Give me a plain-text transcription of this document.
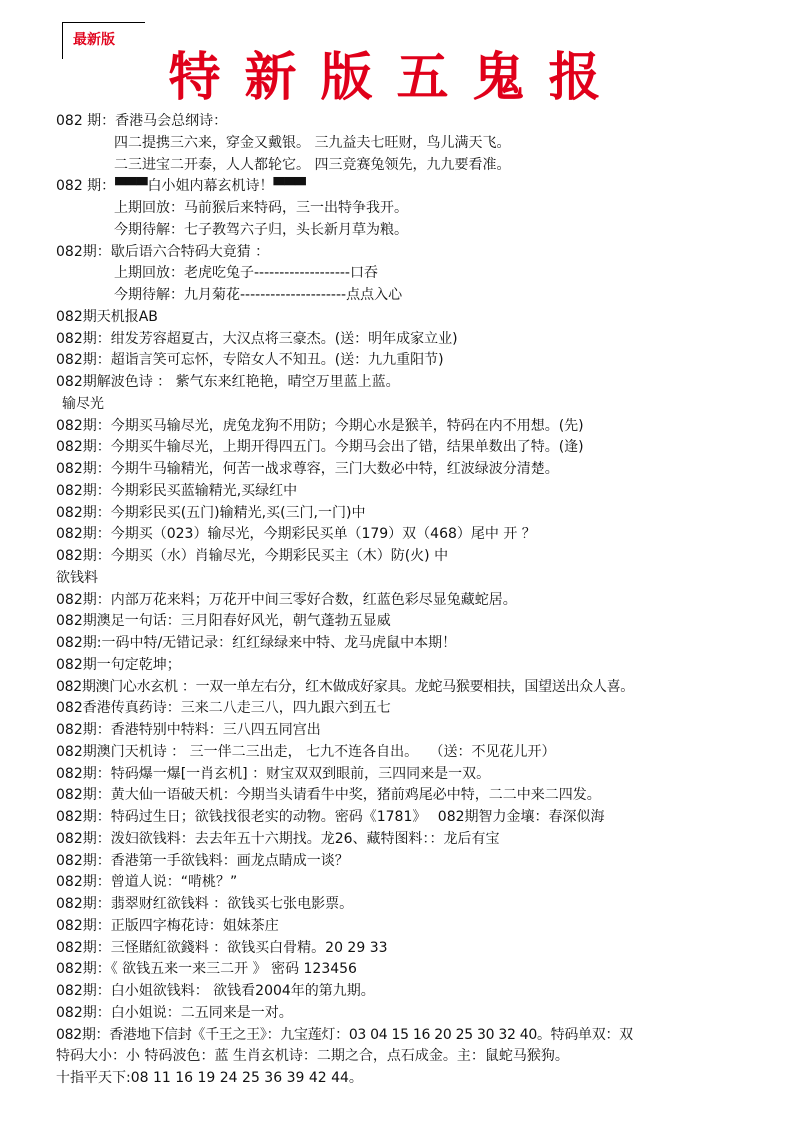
最新版
特新版五鬼报
082 期：香港马会总纲诗：
四二提携三六来，穿金又戴银。 三九益夫七旺财，鸟儿满天飞。
二三进宝二开泰，人人都轮它。 四三竞赛兔领先，九九要看准。
082 期：▀▀▀白小姐内幕玄机诗！▀▀▀
上期回放：马前猴后来特码，三一出特争我开。
今期待解：七子教驾六子归，头长新月草为粮。
082期：歇后语六合特码大竟猜 ：
上期回放：老虎吃兔子-------------------口吞
今期待解：九月菊花---------------------点点入心
082期天机报AB
082期：绀发芳容超夏古，大汉点将三豪杰。(送：明年成家立业)
082期：超诣言笑可忘怀，专陪女人不知丑。(送：九九重阳节)
082期解波色诗 ： 紫气东来红艳艳，晴空万里蓝上蓝。
输尽光
082期：今期买马输尽光，虎兔龙狗不用防；今期心水是猴羊，特码在内不用想。(先)
082期：今期买牛输尽光，上期开得四五门。今期马会出了错，结果单数出了特。(逢)
082期：今期牛马输精光，何苦一战求尊容，三门大数必中特，红波绿波分清楚。
082期：今期彩民买蓝输精光,买绿红中
082期：今期彩民买(五门)输精光,买(三门,一门)中
082期：今期买（023）输尽光，今期彩民买单（179）双（468）尾中 开 ？
082期：今期买（水）肖输尽光，今期彩民买主（木）防(火) 中
欲钱料
082期：内部万花来料；万花开中间三零好合数，红蓝色彩尽显兔藏蛇居。
082期澳足一句话：三月阳春好风光，朝气蓬勃五显威
082期:一码中特/无错记录：红红绿绿来中特、龙马虎鼠中本期！
082期一句定乾坤；
082期澳门心水玄机 ：一双一单左右分，红木做成好家具。龙蛇马猴要相扶，国望送出众人喜。
082香港传真药诗：三来二八走三八，四九跟六到五七
082期：香港特别中特料：三八四五同宫出
082期澳门天机诗 ： 三一伴二三出走， 七九不连各自出。　 （送：不见花儿开）
082期：特码爆一爆[一肖玄机] ：财宝双双到眼前，三四同来是一双。
082期：黄大仙一语破天机：今期当头请看牛中奖，猪前鸡尾必中特，二二中来二四发。
082期：特码过生日；欲钱找很老实的动物。密码《1781》　 082期智力金壤：春深似海
082期：泼妇欲钱料：去去年五十六期找。龙26、藏特图料：：龙后有宝
082期：香港第一手欲钱料：画龙点睛成一谈？
082期：曾道人说：“啃桃？”
082期：翡翠财红欲钱料 ：欲钱买七张电影票。
082期：正版四字梅花诗：姐妹茶庄
082期：三怪賭紅欲錢料 ：欲钱买白骨精。20 29 33
082期：《 欲钱五来一来三二开 》 密码 123456
082期：白小姐欲钱料： 欲钱看2004年的第九期。
082期：白小姐说：二五同来是一对。
082期：香港地下信封《千王之王》：九宝莲灯：03 04 15 16 20 25 30 32 40。特码单双：双
特码大小：小 特码波色：蓝 生肖玄机诗：二期之合，点石成金。主：鼠蛇马猴狗。
十指平天下:08 11 16 19 24 25 36 39 42 44。
